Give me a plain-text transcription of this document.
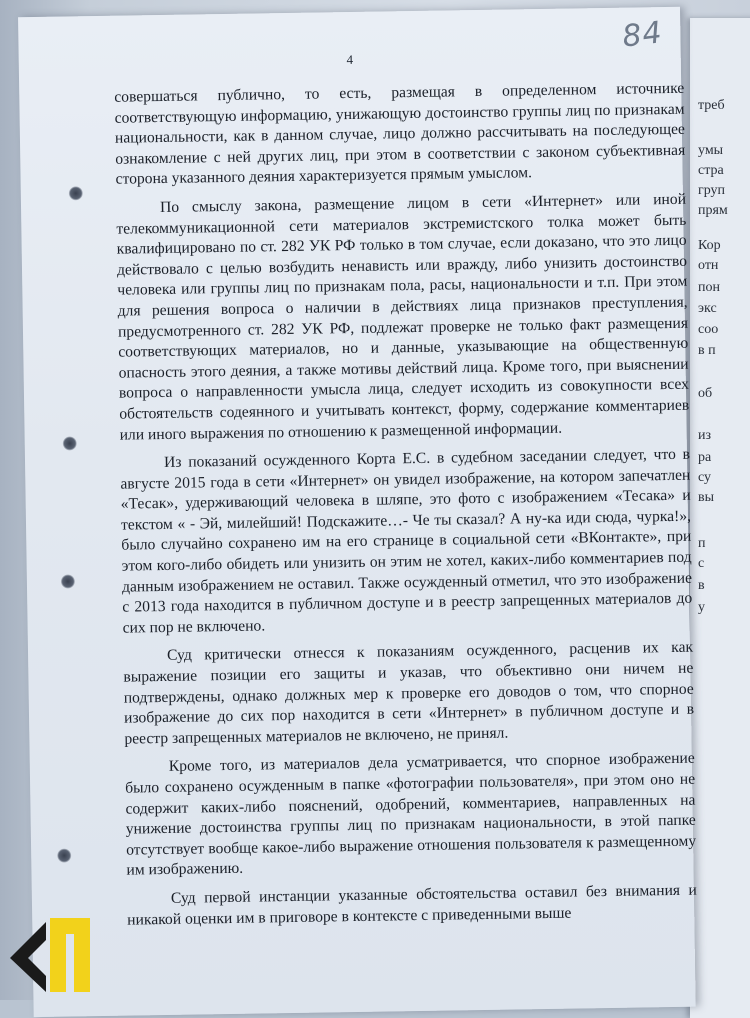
треб
умы
стра
груп
прям
Кор
отн
пон
экс
соо
в п
об
из
ра
су
вы
п
с
в
у
84
4

совершаться публично, то есть, размещая в определенном источнике соответствующую информацию, унижающую достоинство группы лиц по признакам национальности, как в данном случае, лицо должно рассчитывать на последующее ознакомление с ней других лиц, при этом в соответствии с законом субъективная сторона указанного деяния характеризуется прямым умыслом.

По смыслу закона, размещение лицом в сети «Интернет» или иной телекоммуникационной сети материалов экстремистского толка может быть квалифицировано по ст. 282 УК РФ только в том случае, если доказано, что это лицо действовало с целью возбудить ненависть или вражду, либо унизить достоинство человека или группы лиц по признакам пола, расы, национальности и т.п. При этом для решения вопроса о наличии в действиях лица признаков преступления, предусмотренного ст. 282 УК РФ, подлежат проверке не только факт размещения соответствующих материалов, но и данные, указывающие на общественную опасность этого деяния, а также мотивы действий лица. Кроме того, при выяснении вопроса о направленности умысла лица, следует исходить из совокупности всех обстоятельств содеянного и учитывать контекст, форму, содержание комментариев или иного выражения по отношению к размещенной информации.

Из показаний осужденного Корта Е.С. в судебном заседании следует, что в августе 2015 года в сети «Интернет» он увидел изображение, на котором запечатлен «Тесак», удерживающий человека в шляпе, это фото с изображением «Тесака» и текстом « - Эй, милейший! Подскажите…- Че ты сказал? А ну-ка иди сюда, чурка!», было случайно сохранено им на его странице в социальной сети «ВКонтакте», при этом кого-либо обидеть или унизить он этим не хотел, каких-либо комментариев под данным изображением не оставил. Также осужденный отметил, что это изображение с 2013 года находится в публичном доступе и в реестр запрещенных материалов до сих пор не включено.

Суд критически отнесся к показаниям осужденного, расценив их как выражение позиции его защиты и указав, что объективно они ничем не подтверждены, однако должных мер к проверке его доводов о том, что спорное изображение до сих пор находится в сети «Интернет» в публичном доступе и в реестр запрещенных материалов не включено, не принял.

Кроме того, из материалов дела усматривается, что спорное изображение было сохранено осужденным в папке «фотографии пользователя», при этом оно не содержит каких-либо пояснений, одобрений, комментариев, направленных на унижение достоинства группы лиц по признакам национальности, в этой папке отсутствует вообще какое-либо выражение отношения пользователя к размещенному им изображению.

Суд первой инстанции указанные обстоятельства оставил без внимания и никакой оценки им в приговоре в контексте с приведенными выше
